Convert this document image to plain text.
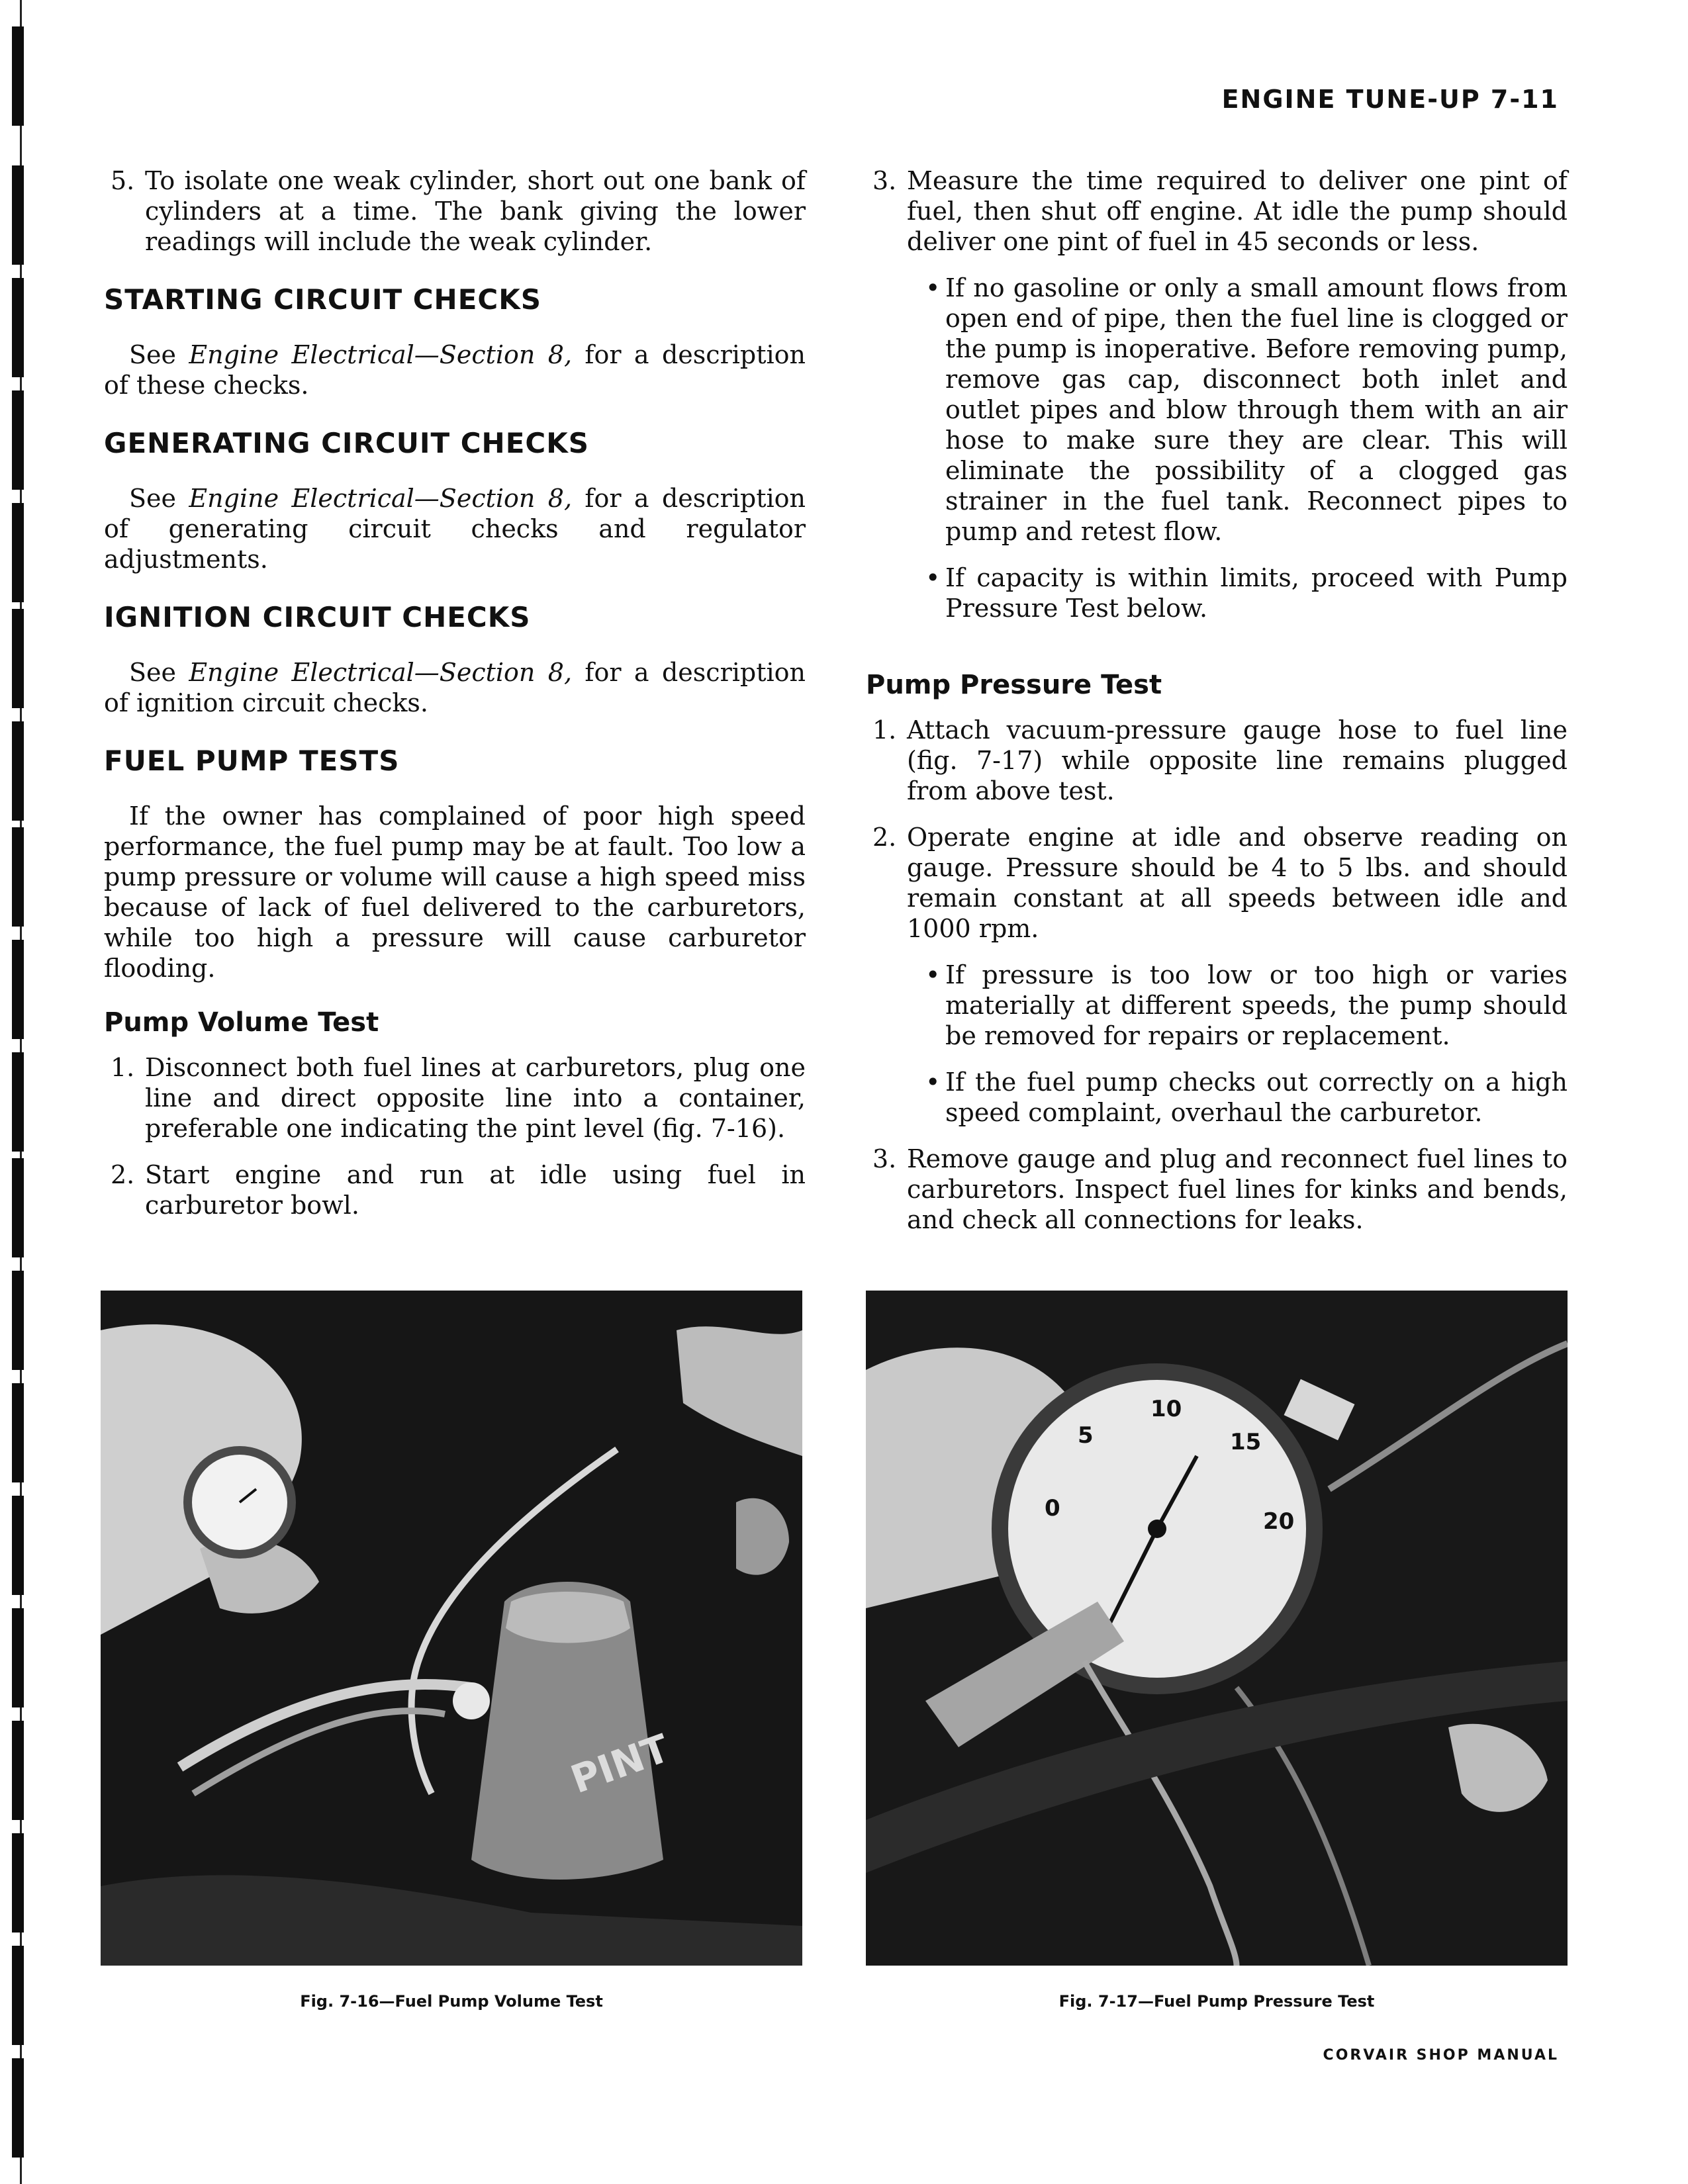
ENGINE TUNE-UP 7-11

5. To isolate one weak cylinder, short out one bank of cylinders at a time. The bank giving the lower readings will include the weak cylinder.

STARTING CIRCUIT CHECKS

See Engine Electrical—Section 8, for a description of these checks.

GENERATING CIRCUIT CHECKS

See Engine Electrical—Section 8, for a description of generating circuit checks and regulator adjustments.

IGNITION CIRCUIT CHECKS

See Engine Electrical—Section 8, for a description of ignition circuit checks.

FUEL PUMP TESTS

If the owner has complained of poor high speed performance, the fuel pump may be at fault. Too low a pump pressure or volume will cause a high speed miss because of lack of fuel delivered to the carburetors, while too high a pressure will cause carburetor flooding.

Pump Volume Test

1. Disconnect both fuel lines at carburetors, plug one line and direct opposite line into a container, preferable one indicating the pint level (fig. 7-16).

2. Start engine and run at idle using fuel in carburetor bowl.

3. Measure the time required to deliver one pint of fuel, then shut off engine. At idle the pump should deliver one pint of fuel in 45 seconds or less.

• If no gasoline or only a small amount flows from open end of pipe, then the fuel line is clogged or the pump is inoperative. Before removing pump, remove gas cap, disconnect both inlet and outlet pipes and blow through them with an air hose to make sure they are clear. This will eliminate the possibility of a clogged gas strainer in the fuel tank. Reconnect pipes to pump and retest flow.

• If capacity is within limits, proceed with Pump Pressure Test below.

Pump Pressure Test

1. Attach vacuum-pressure gauge hose to fuel line (fig. 7-17) while opposite line remains plugged from above test.

2. Operate engine at idle and observe reading on gauge. Pressure should be 4 to 5 lbs. and should remain constant at all speeds between idle and 1000 rpm.

• If pressure is too low or too high or varies materially at different speeds, the pump should be removed for repairs or replacement.

• If the fuel pump checks out correctly on a high speed complaint, overhaul the carburetor.

3. Remove gauge and plug and reconnect fuel lines to carburetors. Inspect fuel lines for kinks and bends, and check all connections for leaks.

PINT
0
5
10
15
20
Fig. 7-16—Fuel Pump Volume Test	Fig. 7-17—Fuel Pump Pressure Test
CORVAIR SHOP MANUAL
